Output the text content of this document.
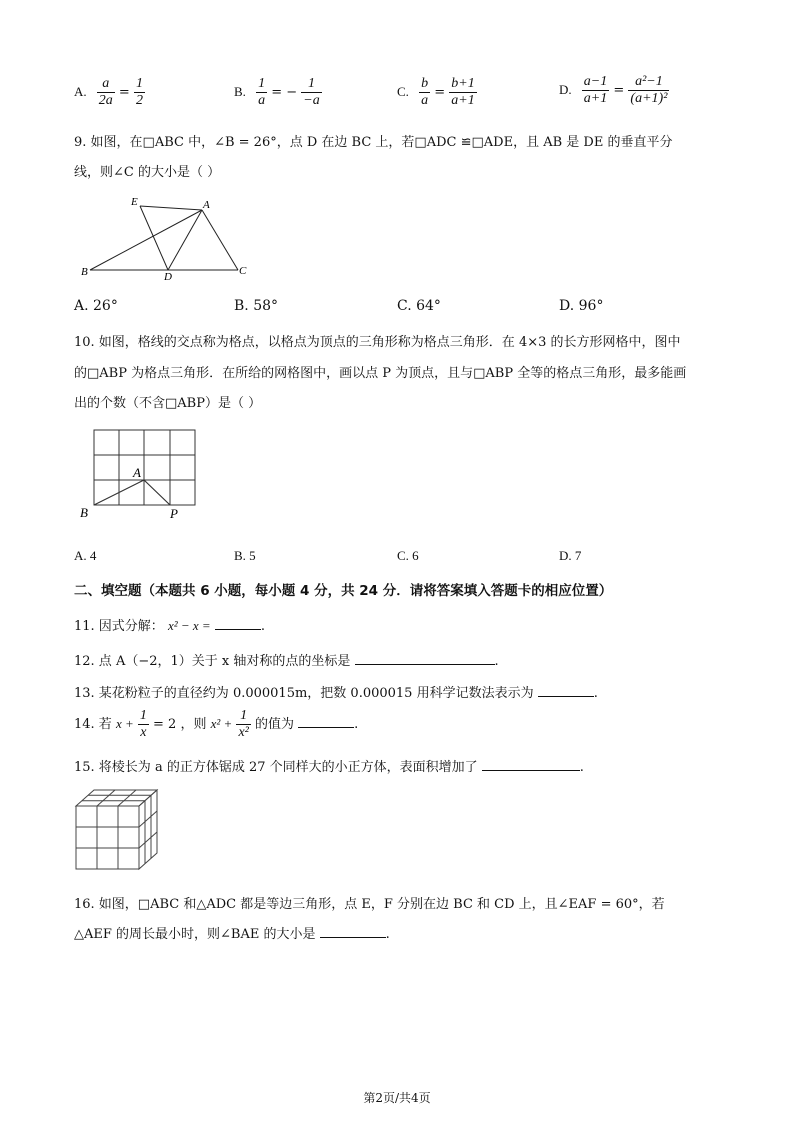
A. $\frac{a}{2a} = \frac{1}{2}$	B. $\frac{1}{a}$ = − $\frac{1}{-a}$	C. $\frac{b}{a} = \frac{b+1}{a+1}$	D. $\frac{a-1}{a+1} = \frac{\text{a²−1}}{\text{(a+1)²}}$
9. 如图，在□ABC 中，∠B = 26°，点 D 在边 BC 上，若□ADC ≌□ADE，且 AB 是 DE 的垂直平分
线，则∠C 的大小是（ ）
E	A
B	D	C
A. 26°	B. 58°	C. 64°	D. 96°
10. 如图，格线的交点称为格点，以格点为顶点的三角形称为格点三角形．在 4×3 的长方形网格中，图中
的□ABP 为格点三角形．在所给的网格图中，画以点 P 为顶点，且与□ABP 全等的格点三角形，最多能画
出的个数（不含□ABP）是（ ）
A
B	P
A. 4	B. 5	C. 6	D. 7
二、填空题（本题共 6 小题，每小题 4 分，共 24 分．请将答案填入答题卡的相应位置）
11. 因式分解： x² − x =	.
12. 点 A（−2，1）关于 x 轴对称的点的坐标是	.
13. 某花粉粒子的直径约为 0.000015m，把数 0.000015 用科学记数法表示为	.
14. 若 $x + \frac{1}{x} = 2$ ，则 $x^2 + \frac{1}{\text{x²}}$ 的值为	.
15. 将棱长为 a 的正方体锯成 27 个同样大的小正方体，表面积增加了	.
16. 如图，□ABC 和△ADC 都是等边三角形，点 E，F 分别在边 BC 和 CD 上，且∠EAF = 60°，若
△AEF 的周长最小时，则∠BAE 的大小是	.
第2页/共4页
